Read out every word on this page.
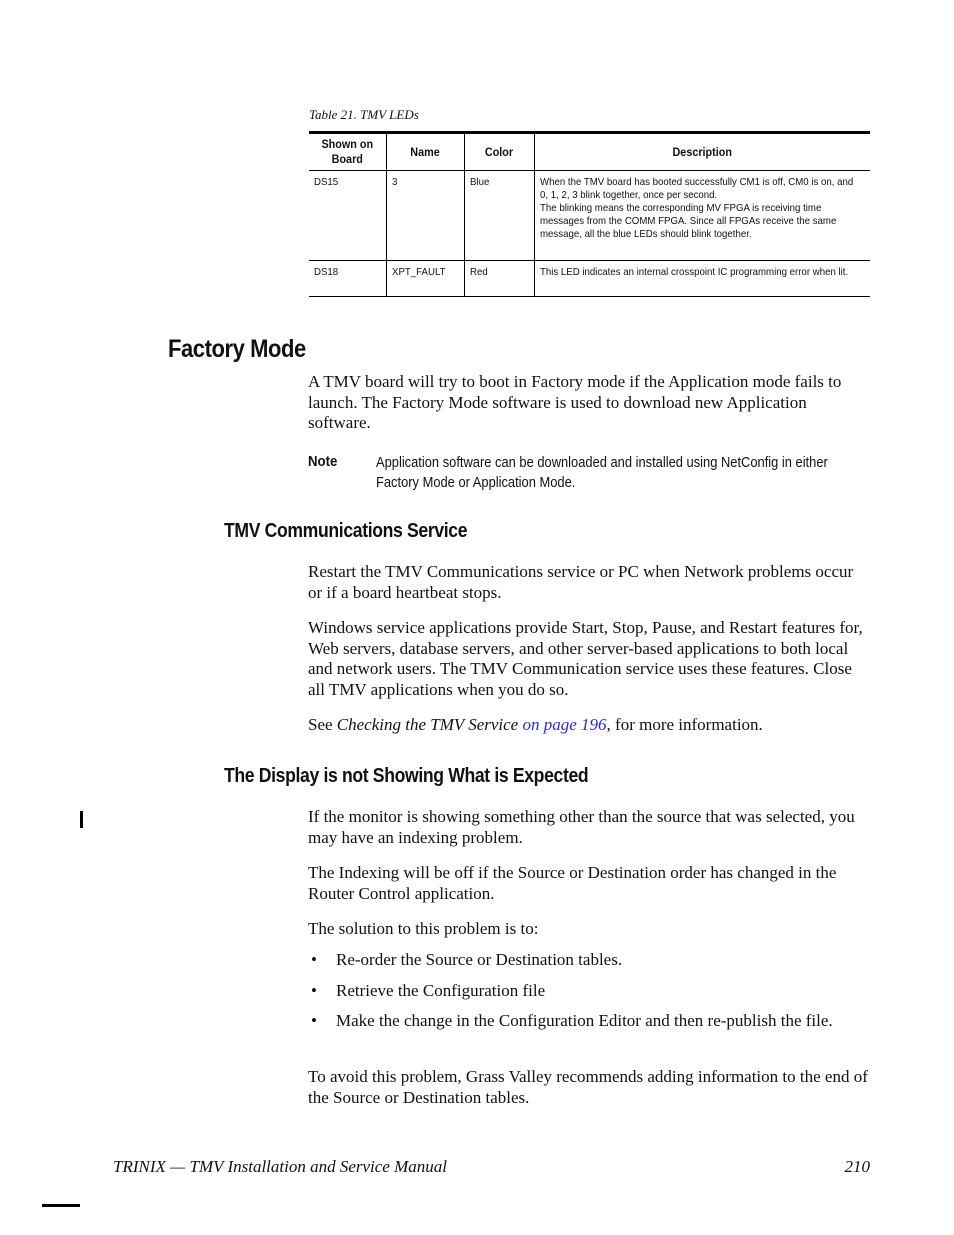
Table 21. TMV LEDs
Shown on Board	Name	Color	Description

DS15	3	Blue	When the TMV board has booted successfully CM1 is off, CM0 is on, and 0, 1, 2, 3 blink together, once per second.
The blinking means the corresponding MV FPGA is receiving time messages from the COMM FPGA. Since all FPGAs receive the same message, all the blue LEDs should blink together.

DS18	XPT_FAULT	Red	This LED indicates an internal crosspoint IC programming error when lit.
Factory Mode
A TMV board will try to boot in Factory mode if the Application mode fails to launch. The Factory Mode software is used to download new Application software.
Note	Application software can be downloaded and installed using NetConfig in either Factory Mode or Application Mode.
TMV Communications Service
Restart the TMV Communications service or PC when Network problems occur or if a board heartbeat stops.
Windows service applications provide Start, Stop, Pause, and Restart features for, Web servers, database servers, and other server-based applications to both local and network users. The TMV Communication service uses these features. Close all TMV applications when you do so.
See Checking the TMV Service on page 196, for more information.
The Display is not Showing What is Expected
If the monitor is showing something other than the source that was selected, you may have an indexing problem.
The Indexing will be off if the Source or Destination order has changed in the Router Control application.
The solution to this problem is to:
• Re-order the Source or Destination tables.
• Retrieve the Configuration file
• Make the change in the Configuration Editor and then re-publish the file.
To avoid this problem, Grass Valley recommends adding information to the end of the Source or Destination tables.
TRINIX — TMV Installation and Service Manual	210
